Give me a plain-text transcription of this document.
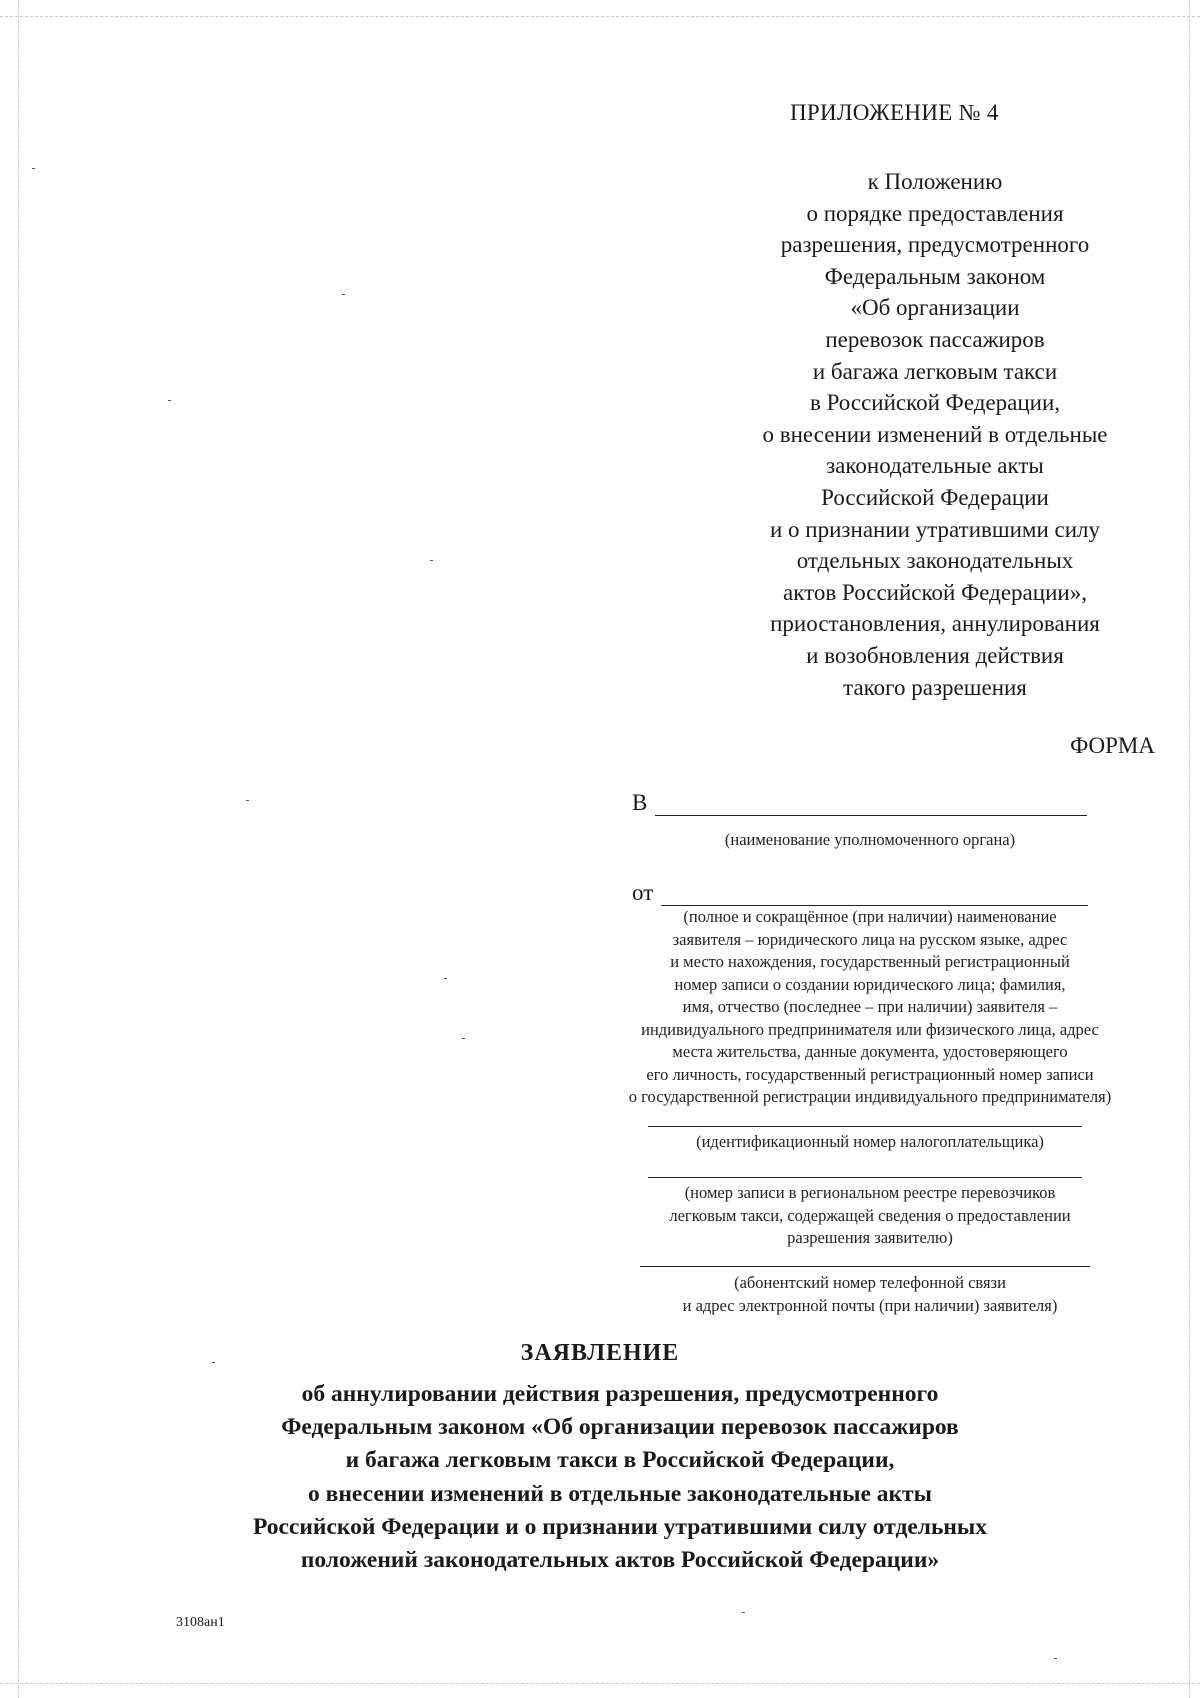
ПРИЛОЖЕНИЕ № 4
к Положению
о порядке предоставления
разрешения, предусмотренного
Федеральным законом
«Об организации
перевозок пассажиров
и багажа легковым такси
в Российской Федерации,
о внесении изменений в отдельные
законодательные акты
Российской Федерации
и о признании утратившими силу
отдельных законодательных
актов Российской Федерации»,
приостановления, аннулирования
и возобновления действия
такого разрешения
ФОРМА
В
(наименование уполномоченного органа)
от
(полное и сокращённое (при наличии) наименование
заявителя – юридического лица на русском языке, адрес
и место нахождения, государственный регистрационный
номер записи о создании юридического лица; фамилия,
имя, отчество (последнее – при наличии) заявителя –
индивидуального предпринимателя или физического лица, адрес
места жительства, данные документа, удостоверяющего
его личность, государственный регистрационный номер записи
о государственной регистрации индивидуального предпринимателя)
(идентификационный номер налогоплательщика)
(номер записи в региональном реестре перевозчиков
легковым такси, содержащей сведения о предоставлении
разрешения заявителю)
(абонентский номер телефонной связи
и адрес электронной почты (при наличии) заявителя)
ЗАЯВЛЕНИЕ
об аннулировании действия разрешения, предусмотренного
Федеральным законом «Об организации перевозок пассажиров
и багажа легковым такси в Российской Федерации,
о внесении изменений в отдельные законодательные акты
Российской Федерации и о признании утратившими силу отдельных
положений законодательных актов Российской Федерации»
3108ан1
